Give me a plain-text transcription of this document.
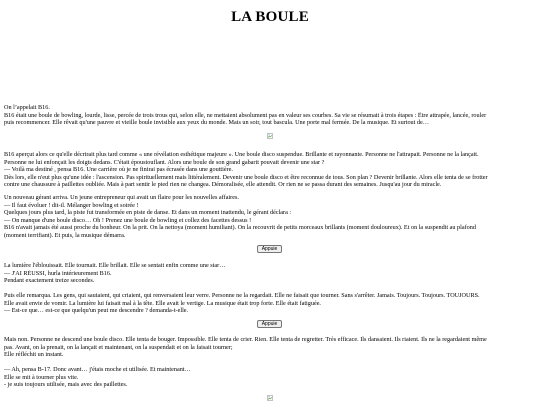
LA BOULE
On l’appelait B16.
B16 était une boule de bowling, lourde, lisse, percée de trois trous qui, selon elle, ne mettaient absolument pas en valeur ses courbes. Sa vie se résumait à trois étapes : Être attrapée, lancée, rouler
puis recommencer. Elle rêvait qu'une pauvre et vieille boule invisible aux yeux du monde. Mais un soir, tout bascula. Une porte mal fermée. De la musique. Et surtout de…
B16 aperçut alors ce qu'elle décrirait plus tard comme « une révélation esthétique majeure ». Une boule disco suspendue. Brillante et rayonnante. Personne ne l'attrapait. Personne ne la lançait.
Personne ne lui enfonçait les doigts dedans. C'était époustouflant. Alors une boule de son grand gabarit pouvait devenir une star ?
— Voilà ma destiné , pensa B16. Une carrière où je ne finirai pas écrasée dans une gouttière.
Dès lors, elle n'eut plus qu'une idée : l'ascension. Pas spirituellement mais littéralement. Devenir une boule disco et être reconnue de tous. Son plan ? Devenir brillante. Alors elle tenta de se frotter
contre une chaussure à paillettes oubliée. Mais à part sentir le pied rien ne changea. Démoralisée, elle attendit. Or rien ne se passa durant des semaines. Jusqu'au jour du miracle.
Un nouveau gérant arriva. Un jeune entrepreneur qui avait un flaire pour les nouvelles affaires.
— Il faut évoluer ! dit-il. Mélanger bowling et soirée !
Quelques jours plus tard, la piste fut transformée en piste de danse. Et dans un moment inattendu, le gérant déclara :
— On manque d'une boule disco… Oh ! Prenez une boule de bowling et collez des facettes dessus !
B16 n'avait jamais été aussi proche du bonheur. On la prit. On la nettoya (moment humiliant). On la recouvrit de petits morceaux brillants (moment douloureux). Et on la suspendit au plafond
(moment terrifiant). Et puis, la musique démarra.
Appuie
La lumière l'éblouissait. Elle tournait. Elle brillait. Elle se sentait enfin comme une star…
— J'AI RÉUSSI, hurla intérieurement B16.
Pendant exactement treize secondes.
Puis elle remarqua. Les gens, qui sautaient, qui criaient, qui renversaient leur verre. Personne ne la regardait. Elle ne faisait que tourner. Sans s'arrêter. Jamais. Toujours. Toujours. TOUJOURS.
Elle avait envie de vomir. La lumière lui faisait mal à la tête. Elle avait le vertige. La musique était trop forte. Elle était fatiguée.
— Est-ce que… est-ce que quelqu'un peut me descendre ? demanda-t-elle.
Appuie
Mais non. Personne ne descend une boule disco. Elle tenta de bouger. Impossible. Elle tenta de crier. Rien. Elle tenta de regretter. Très efficace. Ils dansaient. Ils riaient. Ils ne la regardaient même
pas. Avant, on la prenait, on la lançait et maintenant, on la suspendait et on la faisait tourner;
Elle réfléchit un instant.
— Ah, pensa B-17. Donc avant… j'étais moche et utilisée. Et maintenant…
Elle se mit à tourner plus vite.
- je suis toujours utilisée, mais avec des paillettes.
